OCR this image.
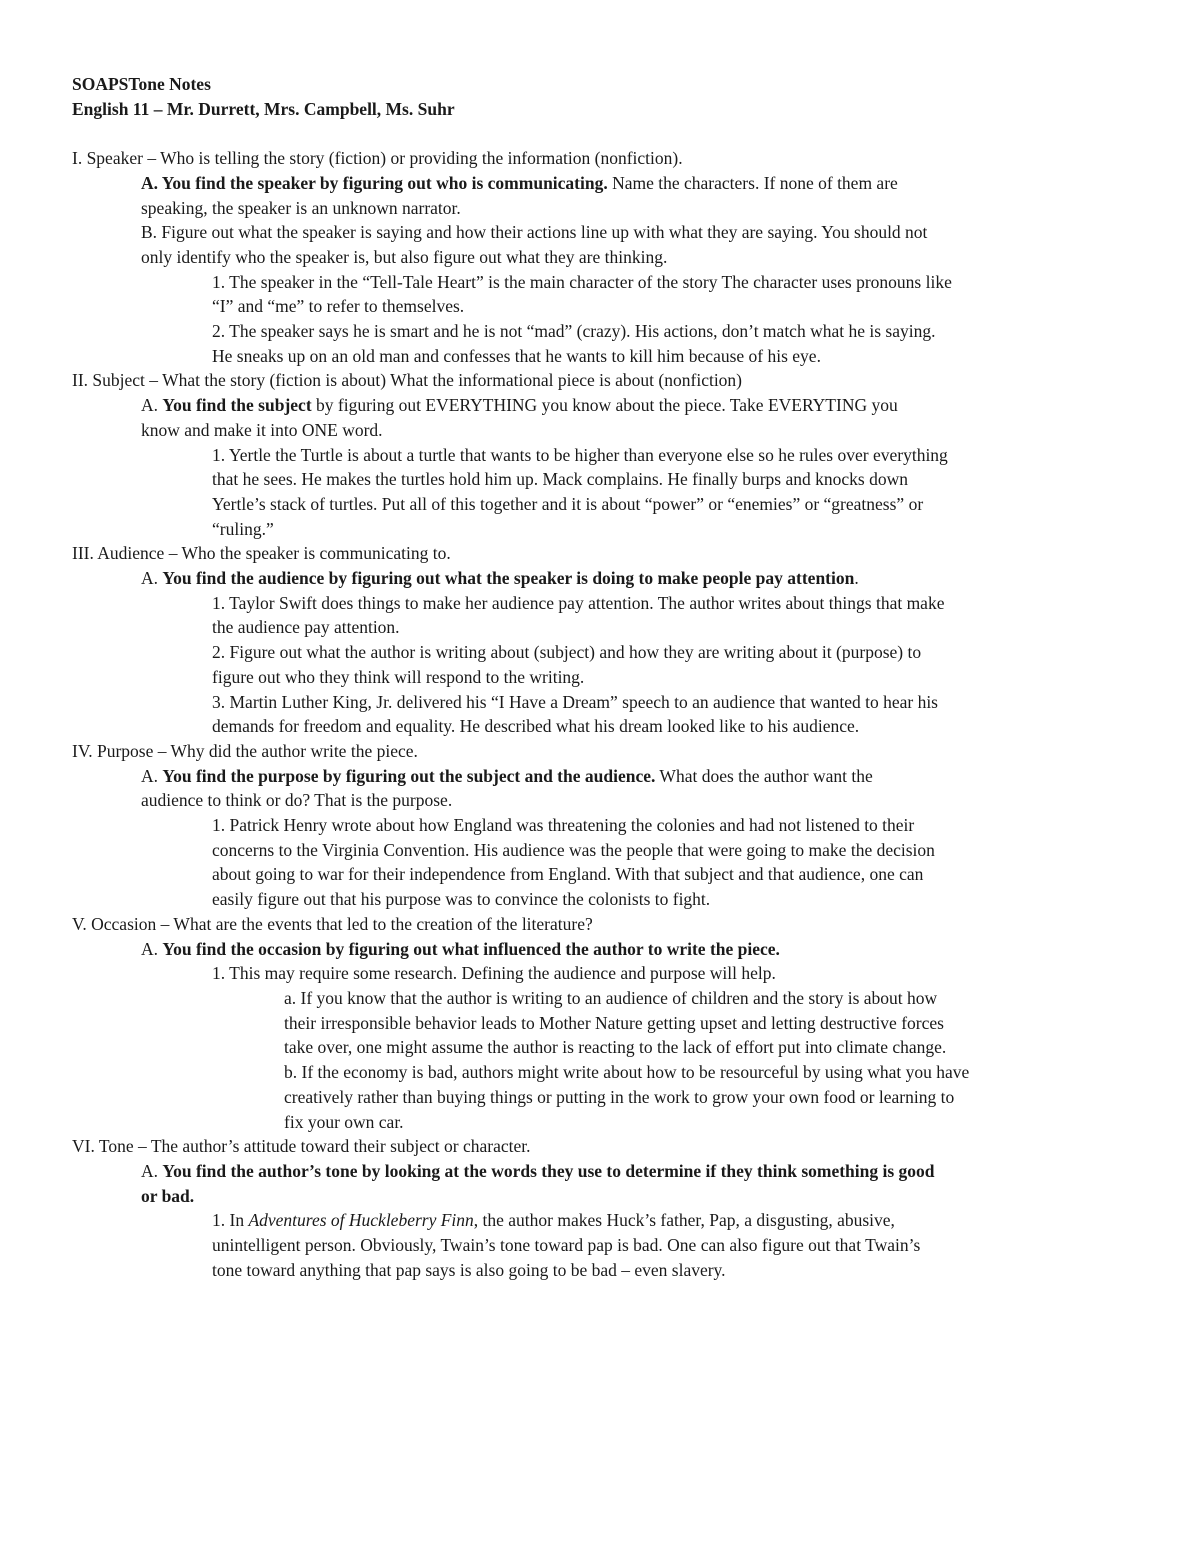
SOAPSTone Notes

English 11 – Mr. Durrett, Mrs. Campbell, Ms. Suhr

I. Speaker – Who is telling the story (fiction) or providing the information (nonfiction).

A. You find the speaker by figuring out who is communicating. Name the characters. If none of them are

speaking, the speaker is an unknown narrator.

B. Figure out what the speaker is saying and how their actions line up with what they are saying. You should not

only identify who the speaker is, but also figure out what they are thinking.

1. The speaker in the “Tell-Tale Heart” is the main character of the story The character uses pronouns like

“I” and “me” to refer to themselves.

2. The speaker says he is smart and he is not “mad” (crazy). His actions, don’t match what he is saying.

He sneaks up on an old man and confesses that he wants to kill him because of his eye.

II. Subject – What the story (fiction is about) What the informational piece is about (nonfiction)

A. You find the subject by figuring out EVERYTHING you know about the piece. Take EVERYTING you

know and make it into ONE word.

1. Yertle the Turtle is about a turtle that wants to be higher than everyone else so he rules over everything

that he sees. He makes the turtles hold him up. Mack complains. He finally burps and knocks down

Yertle’s stack of turtles. Put all of this together and it is about “power” or “enemies” or “greatness” or

“ruling.”

III. Audience – Who the speaker is communicating to.

A. You find the audience by figuring out what the speaker is doing to make people pay attention.

1. Taylor Swift does things to make her audience pay attention. The author writes about things that make

the audience pay attention.

2. Figure out what the author is writing about (subject) and how they are writing about it (purpose) to

figure out who they think will respond to the writing.

3. Martin Luther King, Jr. delivered his “I Have a Dream” speech to an audience that wanted to hear his

demands for freedom and equality. He described what his dream looked like to his audience.

IV. Purpose – Why did the author write the piece.

A. You find the purpose by figuring out the subject and the audience. What does the author want the

audience to think or do? That is the purpose.

1. Patrick Henry wrote about how England was threatening the colonies and had not listened to their

concerns to the Virginia Convention. His audience was the people that were going to make the decision

about going to war for their independence from England. With that subject and that audience, one can

easily figure out that his purpose was to convince the colonists to fight.

V. Occasion – What are the events that led to the creation of the literature?

A. You find the occasion by figuring out what influenced the author to write the piece.

1. This may require some research. Defining the audience and purpose will help.

a. If you know that the author is writing to an audience of children and the story is about how

their irresponsible behavior leads to Mother Nature getting upset and letting destructive forces

take over, one might assume the author is reacting to the lack of effort put into climate change.

b. If the economy is bad, authors might write about how to be resourceful by using what you have

creatively rather than buying things or putting in the work to grow your own food or learning to

fix your own car.

VI. Tone – The author’s attitude toward their subject or character.

A. You find the author’s tone by looking at the words they use to determine if they think something is good

or bad.

1. In Adventures of Huckleberry Finn, the author makes Huck’s father, Pap, a disgusting, abusive,

unintelligent person. Obviously, Twain’s tone toward pap is bad. One can also figure out that Twain’s

tone toward anything that pap says is also going to be bad – even slavery.
